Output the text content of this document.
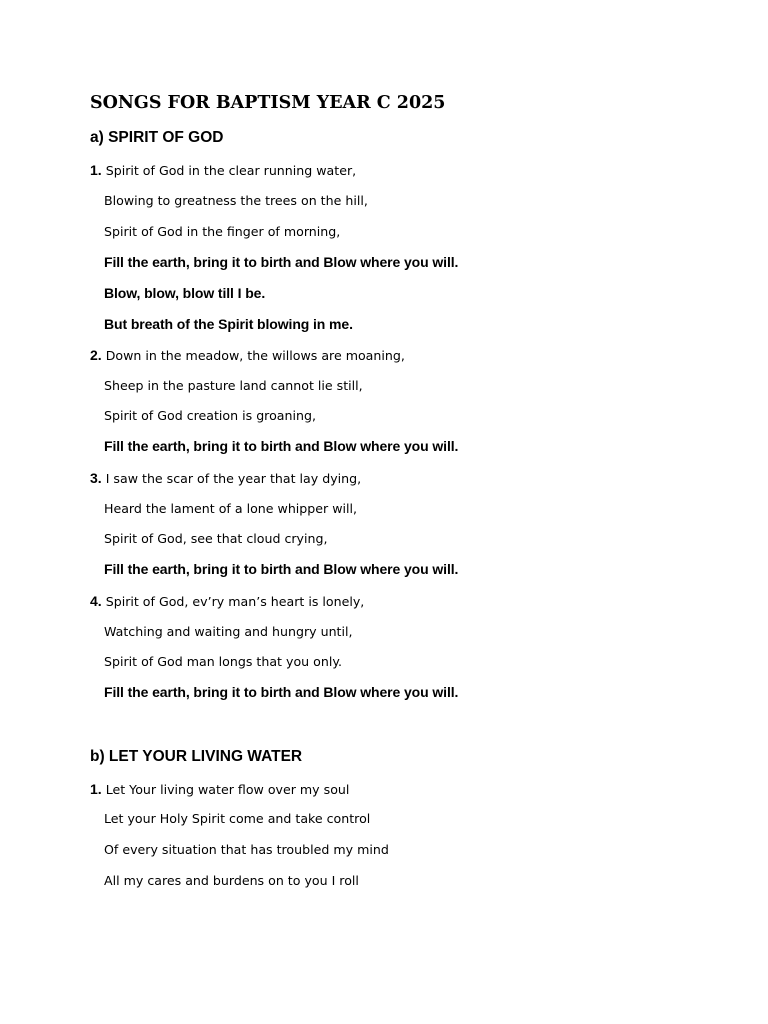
SONGS FOR BAPTISM YEAR C 2025
a) SPIRIT OF GOD

1. Spirit of God in the clear running water,

Blowing to greatness the trees on the hill,

Spirit of God in the finger of morning,

Fill the earth, bring it to birth and Blow where you will.

Blow, blow, blow till I be.

But breath of the Spirit blowing in me.

2. Down in the meadow, the willows are moaning,

Sheep in the pasture land cannot lie still,

Spirit of God creation is groaning,

Fill the earth, bring it to birth and Blow where you will.

3. I saw the scar of the year that lay dying,

Heard the lament of a lone whipper will,

Spirit of God, see that cloud crying,

Fill the earth, bring it to birth and Blow where you will.

4. Spirit of God, ev’ry man’s heart is lonely,

Watching and waiting and hungry until,

Spirit of God man longs that you only.

Fill the earth, bring it to birth and Blow where you will.

b) LET YOUR LIVING WATER

1. Let Your living water flow over my soul

Let your Holy Spirit come and take control

Of every situation that has troubled my mind

All my cares and burdens on to you I roll
